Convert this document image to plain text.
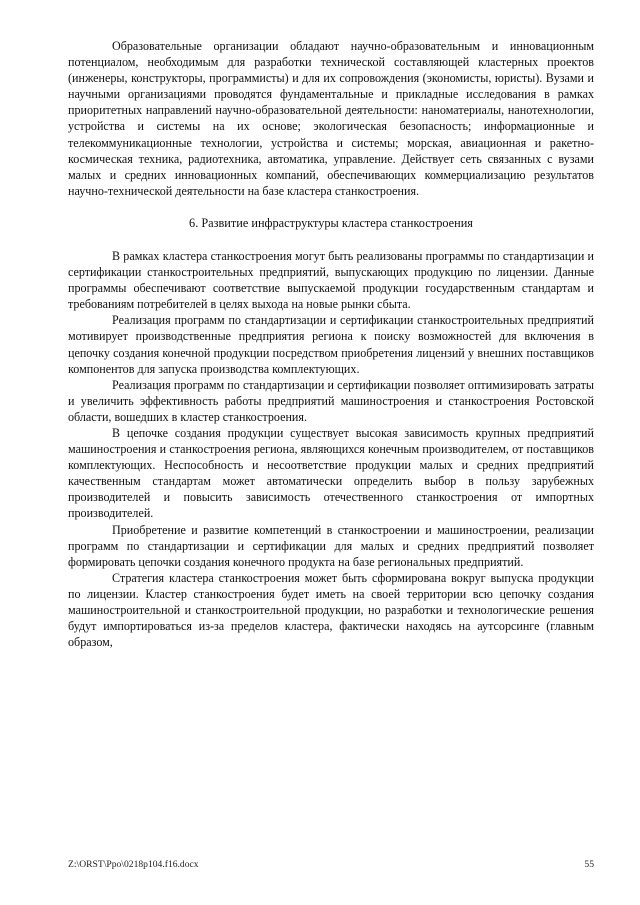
Образовательные организации обладают научно-образовательным и инновационным потенциалом, необходимым для разработки технической составляющей кластерных проектов (инженеры, конструкторы, программисты) и для их сопровождения (экономисты, юристы). Вузами и научными организациями проводятся фундаментальные и прикладные исследования в рамках приоритетных направлений научно-образовательной деятельности: наноматериалы, нанотехнологии, устройства и системы на их основе; экологическая безопасность; информационные и телекоммуникационные технологии, устройства и системы; морская, авиационная и ракетно-космическая техника, радиотехника, автоматика, управление. Действует сеть связанных с вузами малых и средних инновационных компаний, обеспечивающих коммерциализацию результатов научно-технической деятельности на базе кластера станкостроения.

6. Развитие инфраструктуры кластера станкостроения

В рамках кластера станкостроения могут быть реализованы программы по стандартизации и сертификации станкостроительных предприятий, выпускающих продукцию по лицензии. Данные программы обеспечивают соответствие выпускаемой продукции государственным стандартам и требованиям потребителей в целях выхода на новые рынки сбыта.

Реализация программ по стандартизации и сертификации станкостроительных предприятий мотивирует производственные предприятия региона к поиску возможностей для включения в цепочку создания конечной продукции посредством приобретения лицензий у внешних поставщиков компонентов для запуска производства комплектующих.

Реализация программ по стандартизации и сертификации позволяет оптимизировать затраты и увеличить эффективность работы предприятий машиностроения и станкостроения Ростовской области, вошедших в кластер станкостроения.

В цепочке создания продукции существует высокая зависимость крупных предприятий машиностроения и станкостроения региона, являющихся конечным производителем, от поставщиков комплектующих. Неспособность и несоответствие продукции малых и средних предприятий качественным стандартам может автоматически определить выбор в пользу зарубежных производителей и повысить зависимость отечественного станкостроения от импортных производителей.

Приобретение и развитие компетенций в станкостроении и машиностроении, реализации программ по стандартизации и сертификации для малых и средних предприятий позволяет формировать цепочки создания конечного продукта на базе региональных предприятий.

Стратегия кластера станкостроения может быть сформирована вокруг выпуска продукции по лицензии. Кластер станкостроения будет иметь на своей территории всю цепочку создания машиностроительной и станкостроительной продукции, но разработки и технологические решения будут импортироваться из-за пределов кластера, фактически находясь на аутсорсинге (главным образом,

Z:\ORST\Ppo\0218p104.f16.docx	55
